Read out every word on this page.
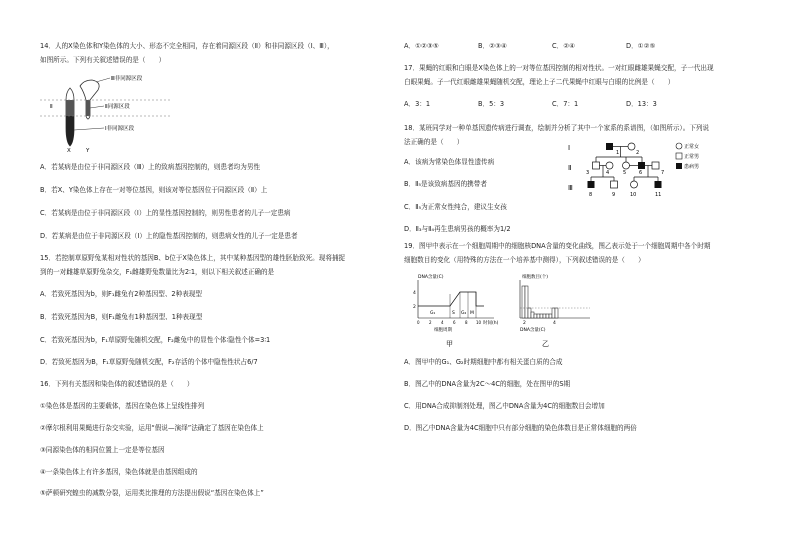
14．人的X染色体和Y染色体的大小、形态不完全相同，存在着同源区段（Ⅱ）和非同源区段（Ⅰ、Ⅲ），
如图所示。下列有关叙述错误的是（　　）
Ⅲ非同源区段
Ⅱ	Ⅱ同源区段
Ⅰ非同源区段
X	Y
A．若某病是由位于非同源区段（Ⅲ）上的致病基因控制的，则患者均为男性
B．若X、Y染色体上存在一对等位基因，则该对等位基因位于同源区段（Ⅱ）上
C．若某病是由位于非同源区段（Ⅰ）上的显性基因控制的，则男性患者的儿子一定患病
D．若某病是由位于非同源区段（Ⅰ）上的隐性基因控制的，则患病女性的儿子一定是患者
15．若控制草原野兔某相对性状的基因B、b位于X染色体上，其中某种基因型的雄性胚胎致死。现将捕捉
到的一对雌雄草原野兔杂交，F₁雌雄野兔数量比为2∶1，则以下相关叙述正确的是
A．若致死基因为b，则F₁雌兔有2种基因型、2种表现型
B．若致死基因为B，则F₁雌兔有1种基因型、1种表现型
C．若致死基因为b，F₁草原野兔随机交配，F₂雌兔中的显性个体∶隐性个体=3∶1
D．若致死基因为B，F₁草原野兔随机交配，F₂存活的个体中隐性性状占6/7
16．下列有关基因和染色体的叙述错误的是（　　）
①染色体是基因的主要载体，基因在染色体上呈线性排列
②摩尔根利用果蝇进行杂交实验，运用“假说—演绎”法确定了基因在染色体上
③同源染色体的相同位置上一定是等位基因
④一条染色体上有许多基因，染色体就是由基因组成的
⑤萨顿研究蝗虫的减数分裂，运用类比推理的方法提出假说“基因在染色体上”
A．①②③⑤	B．②③④	C．②④	D．①②⑤
17．果蝇的红眼和白眼是X染色体上的一对等位基因控制的相对性状。一对红眼雌雄果蝇交配，子一代出现
白眼果蝇。子一代红眼雌雄果蝇随机交配，理论上子二代果蝇中红眼与白眼的比例是（　　）
A．3：1	B．5：3	C．7：1	D．13：3
18．某班同学对一种单基因遗传病进行调查，绘制并分析了其中一个家系的系谱图，（如图所示）。下列说
法正确的是（　　）
A．该病为常染色体显性遗传病
B．Ⅱ₅是该致病基因的携带者
C．Ⅱ₅为正常女性纯合，建议生女孩
D．Ⅱ₃与Ⅱ₄再生患病男孩的概率为1/2
Ⅰ
Ⅱ
Ⅲ
1	2
3	4	5	6	7
8	9	10	11
正常女
正常男
患病男
19．图甲中表示在一个细胞周期中的细胞核DNA含量的变化曲线，图乙表示处于一个细胞周期中各个时期
细胞数目的变化（用特殊的方法在一个培养基中测得），下列叙述错误的是（　　）
DNA含量(C)
4
2
G₁	S G₂ M
0 2 4 6 8 10 时间(h)
细胞周期
甲
细胞数目(个)
2	4
DNA含量(C)
乙
A．图甲中的G₁、G₂时期细胞中都有相关蛋白质的合成
B．图乙中的DNA含量为2C～4C的细胞，处在图甲的S期
C．用DNA合成抑制剂处理，图乙中DNA含量为4C的细胞数目会增加
D．图乙中DNA含量为4C细胞中只有部分细胞的染色体数目是正常体细胞的两倍
